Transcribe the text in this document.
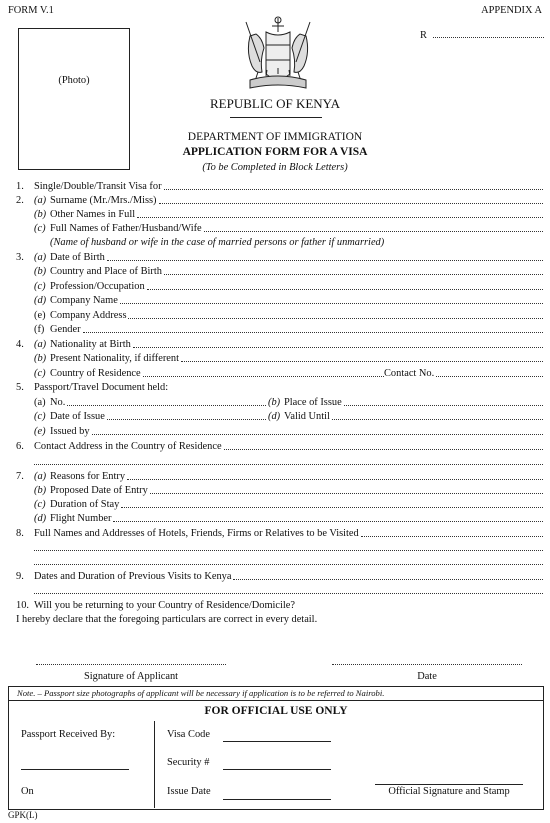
FORM V.1	APPENDIX A
(Photo)
R
REPUBLIC OF KENYA
DEPARTMENT OF IMMIGRATION
APPLICATION FORM FOR A VISA
(To be Completed in Block Letters)
1. Single/Double/Transit Visa for
2. (a) Surname (Mr./Mrs./Miss)
(b) Other Names in Full
(c) Full Names of Father/Husband/Wife
(Name of husband or wife in the case of married persons or father if unmarried)
3. (a) Date of Birth
(b) Country and Place of Birth
(c) Profession/Occupation
(d) Company Name
(e) Company Address
(f) Gender
4. (a) Nationality at Birth
(b) Present Nationality, if different
(c) Country of Residence	Contact No.
5. Passport/Travel Document held:
(a) No.	(b) Place of Issue
(c) Date of Issue	(d) Valid Until
(e) Issued by
6. Contact Address in the Country of Residence
7. (a) Reasons for Entry
(b) Proposed Date of Entry
(c) Duration of Stay
(d) Flight Number
8. Full Names and Addresses of Hotels, Friends, Firms or Relatives to be Visited
9. Dates and Duration of Previous Visits to Kenya
10. Will you be returning to your Country of Residence/Domicile?
I hereby declare that the foregoing particulars are correct in every detail.
Signature of Applicant	Date
Note. – Passport size photographs of applicant will be necessary if application is to be referred to Nairobi.
FOR OFFICIAL USE ONLY
Passport Received By:
On
Visa Code
Security #
Issue Date	Official Signature and Stamp
GPK(L)
